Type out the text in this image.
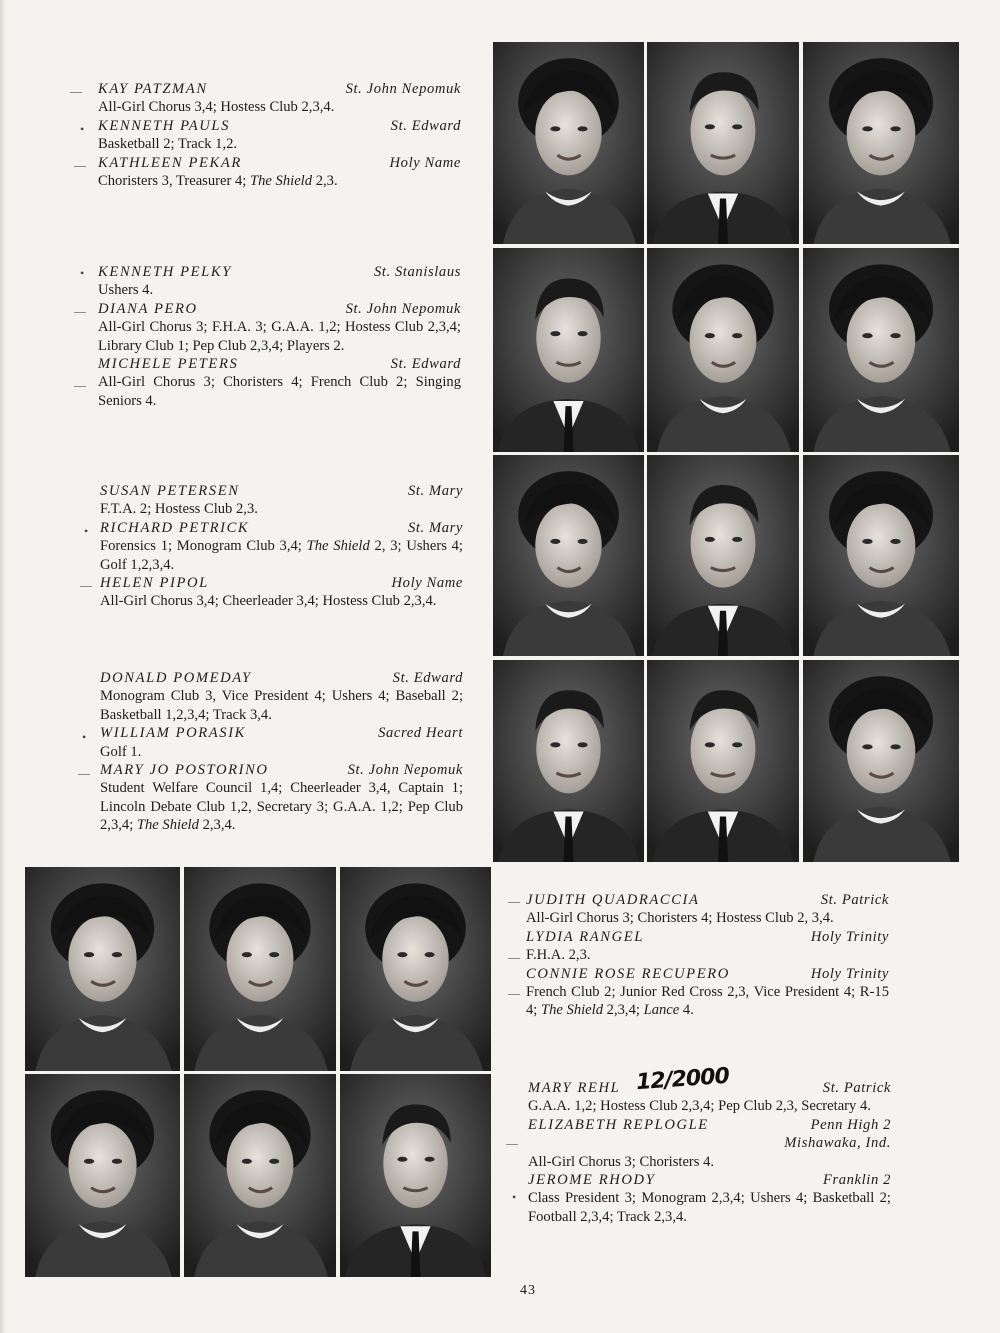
KAY PATZMAN	St. John Nepomuk
All-Girl Chorus 3,4; Hostess Club 2,3,4.
KENNETH PAULS	St. Edward
Basketball 2; Track 1,2.
KATHLEEN PEKAR	Holy Name
Choristers 3, Treasurer 4; The Shield 2,3.
KENNETH PELKY	St. Stanislaus
Ushers 4.
DIANA PERO	St. John Nepomuk
All-Girl Chorus 3; F.H.A. 3; G.A.A. 1,2; Hostess Club 2,3,4; Library Club 1; Pep Club 2,3,4; Players 2.
MICHELE PETERS	St. Edward
All-Girl Chorus 3; Choristers 4; French Club 2; Singing Seniors 4.
SUSAN PETERSEN	St. Mary
F.T.A. 2; Hostess Club 2,3.
RICHARD PETRICK	St. Mary
Forensics 1; Monogram Club 3,4; The Shield 2, 3; Ushers 4; Golf 1,2,3,4.
HELEN PIPOL	Holy Name
All-Girl Chorus 3,4; Cheerleader 3,4; Hostess Club 2,3,4.
DONALD POMEDAY	St. Edward
Monogram Club 3, Vice President 4; Ushers 4; Baseball 2; Basketball 1,2,3,4; Track 3,4.
WILLIAM PORASIK	Sacred Heart
Golf 1.
MARY JO POSTORINO	St. John Nepomuk
Student Welfare Council 1,4; Cheerleader 3,4, Captain 1; Lincoln Debate Club 1,2, Secretary 3; G.A.A. 1,2; Pep Club 2,3,4; The Shield 2,3,4.
JUDITH QUADRACCIA	St. Patrick
All-Girl Chorus 3; Choristers 4; Hostess Club 2, 3,4.
LYDIA RANGEL	Holy Trinity
F.H.A. 2,3.
CONNIE ROSE RECUPERO	Holy Trinity
French Club 2; Junior Red Cross 2,3, Vice President 4; R-15 4; The Shield 2,3,4; Lance 4.
MARY REHL	St. Patrick
G.A.A. 1,2; Hostess Club 2,3,4; Pep Club 2,3, Secretary 4.
ELIZABETH REPLOGLE	Penn High 2
Mishawaka, Ind.
All-Girl Chorus 3; Choristers 4.
JEROME RHODY	Franklin 2
Class President 3; Monogram 2,3,4; Ushers 4; Basketball 2; Football 2,3,4; Track 2,3,4.
12/2000
—
•
—
•
—
—
•
—
•
—
—
—
—
—
•
43
